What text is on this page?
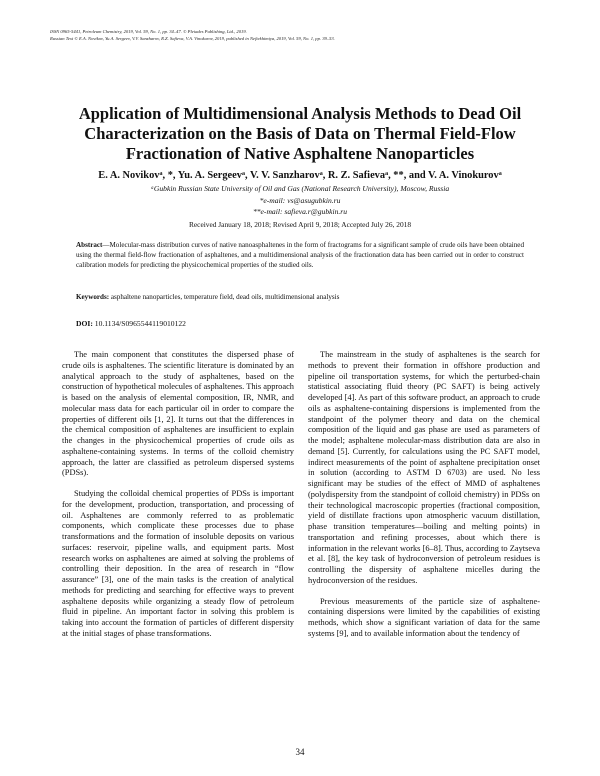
ISSN 0965-5441, Petroleum Chemistry, 2019, Vol. 59, No. 1, pp. 34–47. © Pleiades Publishing, Ltd., 2019.
Russian Text © E.A. Novikov, Yu.A. Sergeev, V.V. Sanzharov, R.Z. Safieva, V.A. Vinokurov, 2019, published in Neftekhimiya, 2019, Vol. 59, No. 1, pp. 39–53.
Application of Multidimensional Analysis Methods to Dead Oil Characterization on the Basis of Data on Thermal Field-Flow Fractionation of Native Asphaltene Nanoparticles
E. A. Novikovᵃ, *, Yu. A. Sergeevᵃ, V. V. Sanzharovᵃ, R. Z. Safievaᵃ, **, and V. A. Vinokurovᵃ
ᵃGubkin Russian State University of Oil and Gas (National Research University), Moscow, Russia
*e-mail: vs@asugubkin.ru
**e-mail: safieva.r@gubkin.ru
Received January 18, 2018; Revised April 9, 2018; Accepted July 26, 2018
Abstract—Molecular-mass distribution curves of native nanoasphaltenes in the form of fractograms for a significant sample of crude oils have been obtained using the thermal field-flow fractionation of asphaltenes, and a multidimensional analysis of the fractionation data has been carried out in order to construct calibration models for predicting the physicochemical properties of the studied oils.
Keywords: asphaltene nanoparticles, temperature field, dead oils, multidimensional analysis
DOI: 10.1134/S0965544119010122

The main component that constitutes the dispersed phase of crude oils is asphaltenes. The scientific literature is dominated by an analytical approach to the study of asphaltenes, based on the construction of hypothetical molecules of asphaltenes. This approach is based on the analysis of elemental composition, IR, NMR, and molecular mass data for each particular oil in order to compare the properties of different oils [1, 2]. It turns out that the differences in the chemical composition of asphaltenes are insufficient to explain the changes in the physicochemical properties of crude oils as asphaltene-containing systems. In terms of the colloid chemistry approach, the latter are classified as petroleum dispersed systems (PDSs).

Studying the colloidal chemical properties of PDSs is important for the development, production, transportation, and processing of oil. Asphaltenes are commonly referred to as problematic components, which complicate these processes due to phase transformations and the formation of insoluble deposits on various surfaces: reservoir, pipeline walls, and equipment parts. Most research works on asphaltenes are aimed at solving the problems of controlling their deposition. In the area of research in “flow assurance” [3], one of the main tasks is the creation of analytical methods for predicting and searching for effective ways to prevent asphaltene deposits while organizing a steady flow of petroleum fluid in pipeline. An important factor in solving this problem is taking into account the formation of particles of different dispersity at the initial stages of phase transformations.

The mainstream in the study of asphaltenes is the search for methods to prevent their formation in offshore production and pipeline oil transportation systems, for which the perturbed-chain statistical associating fluid theory (PC SAFT) is being actively developed [4]. As part of this software product, an approach to crude oils as asphaltene-containing dispersions is implemented from the standpoint of the polymer theory and data on the chemical composition of the liquid and gas phase are used as parameters of the model; asphaltene molecular-mass distribution data are also in demand [5]. Currently, for calculations using the PC SAFT model, indirect measurements of the point of asphaltene precipitation onset in solution (according to ASTM D 6703) are used. No less significant may be studies of the effect of MMD of asphaltenes (polydispersity from the standpoint of colloid chemistry) in PDSs on their technological macroscopic properties (fractional composition, yield of distillate fractions upon atmospheric vacuum distillation, phase transition temperatures—boiling and melting points) in transportation and refining processes, about which there is information in the relevant works [6–8]. Thus, according to Zaytseva et al. [8], the key task of hydroconversion of petroleum residues is controlling the dispersity of asphaltene micelles during the hydroconversion of the residues.

Previous measurements of the particle size of asphaltene-containing dispersions were limited by the capabilities of existing methods, which show a significant variation of data for the same systems [9], and to available information about the tendency of

34
